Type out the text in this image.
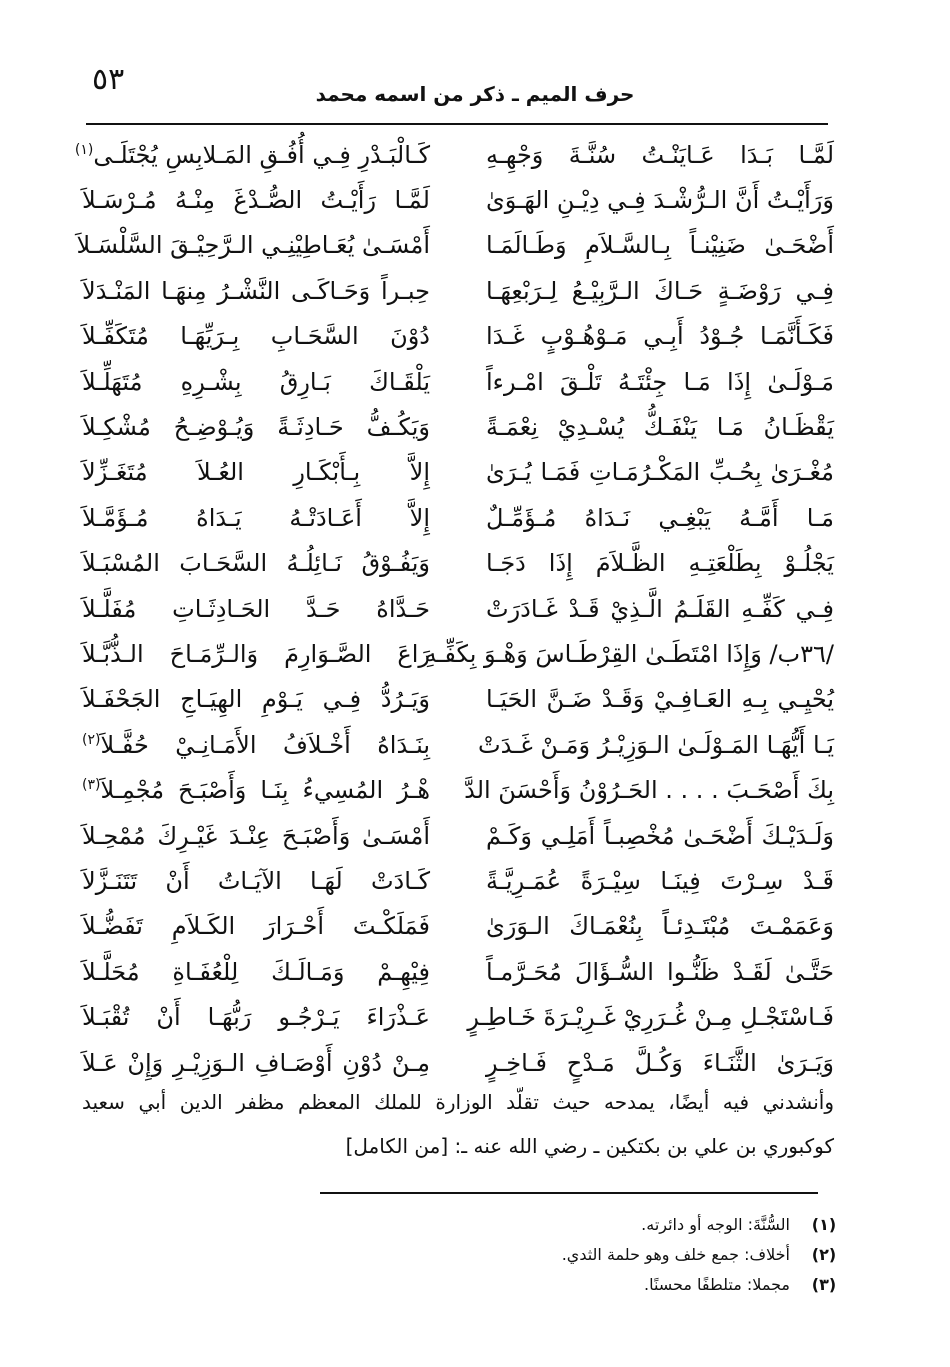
٥٣	حرف الميم ـ ذكر من اسمه محمد
لَمَّـا بَـدَا عَـايَنْـتُ سُنَّـةَ وَجْهِـهِ
كَـالْبَـدْرِ فِـي أُفُـقِ المَـلابِسِ يُجْتَلَـى$^{(١)}$
وَرَأَيْـتُ أَنَّ الـرُّشْـدَ فِـي دِيْـنِ الهَـوَىٰ
لَمَّـا رَأَيْـتُ الصُّـدْغَ مِنْـهُ مُـرْسَـلاَ
أَضْحَـىٰ ضَنِيْنـاً بِـالسَّـلاَمِ وَطَـالَمَـا
أَمْسَـىٰ يُعَـاطِيْنِـي الـرَّحِيْـقَ السَّلْسَـلاَ
فِـي رَوْضَـةٍ حَـاكَ الـرَّبِيْـعُ لِـرَبْعِهَـا
حِبـراً وَحَـاكَـى النَّشْـرُ مِنهَـا المَنْـدَلاَ
فَكَـأَنَّمَـا جُـوْدُ أَبِـي مَـوْهُـوْبٍ غَـدَا
دُوْنَ السَّحَـابِ بِـرَيِّهَـا مُتَكَفِّـلاَ
مَـوْلَـىٰ إِذَا مَـا جِئْتَـهُ تَلْـقَ امْـرءاً
يَلْقَـاكَ بَـارِقُ بِشْـرِهِ مُتَهَلِّـلاَ
يَقْظَـانُ مَـا يَنْفَـكُّ يُسْـدِيْ نِعْمَـةً
وَيَكُـفُّ حَـادِثَـةً وَيُـوْضِـحُ مُشْكِـلاَ
مُغْـرَىٰ بِحُـبِّ المَكْـرُمَـاتِ فَمَـا يُـرَىٰ
إِلاَّ بِـأَبْكَـارِ العُـلاَ مُتَغَـزِّلاَ
مَـا أَمَّـهُ يَبْغِـي نَـدَاهُ مُـؤَمِّـلٌ
إِلاَّ أَعَـادَتْـهُ يَـدَاهُ مُـؤَمَّـلاَ
يَجْلُـوْ بِطَلْعَتِـهِ الظَّـلاَمَ إِذَا دَجَـا
وَيَفُـوْقُ نَـائِلُـهُ السَّحَـابَ المُسْبَـلاَ
فِـي كَفِّـهِ القَلَـمُ الَّـذِيْ قَـدْ غَـادَرَتْ
حَـدَّاهُ حَـدَّ الحَـادِثَـاتِ مُفَلَّـلاَ
/٣٦ب/ وَإِذَا امْتَطَـىٰ القِرْطَـاسَ وَهْـوَ بِكَفِّـهِ
رَاعَ الصَّـوَارِمَ وَالـرِّمَـاحَ الـذُّبَّـلاَ
يُحْيِـي بِـهِ العَـافِـيْ وَقَـدْ ضَـنَّ الحَيَـا
وَيَـرُدُّ فِـي يَـوْمِ الهِيَـاجِ الجَحْفَـلاَ
يَـا أَيُّهَـا المَـوْلَـىٰ الـوَزِيْـرُ وَمَـنْ غَـدَتْ
بِنَـدَاهُ أَخْـلاَفُ الأَمَـانِـيْ حُفَّـلاَ$^{(٢)}$
بِكَ أَصْحَـبَ . . . . الحَـرُوْنُ وَأَحْسَنَ الدَّ
هْـرُ المُسِيءُ بِنَـا وَأَصْبَـحَ مُجْمِـلاَ$^{(٣)}$
وَلَـدَيْـكَ أَضْحَـىٰ مُخْصِبـاً أَمَلِـي وَكَـمْ
أَمْسَـىٰ وَأَصْبَـحَ عِنْـدَ غَيْـرِكَ مُمْحِـلاَ
قَـدْ سِـرْتَ فِينَـا سِيْـرَةً عُمَـرِيَّـةً
كَـادَتْ لَهَـا الآيَـاتُ أَنْ تَتَنَـزَّلاَ
وَعَمَمْـتَ مُبْتَـدِئـاً بِنُعْمَـاكَ الـوَرَىٰ
فَمَلَكْـتَ أَحْـرَارَ الكَـلاَمِ تَفَضُّـلاَ
حَتَّـىٰ لَقَـدْ ظَنُّـوا السُّـؤَالَ مُحَـرَّمـاً
فِيْهِـمْ وَمَـالَـكَ لِلْعُفَـاةِ مُحَلَّـلاَ
فَـاسْتَجْـلِ مِـنْ غُـرَرِيْ غَـرِيْـرَةَ خَـاطِـرٍ
عَـذْرَاءَ يَـرْجُـو رَبُّهَـا أَنْ تُقْبَـلاَ
وَيَـرَىٰ الثَّنَـاءَ وَكُـلَّ مَـدْحٍ فَـاخِـرٍ
مِـنْ دُوْنِ أَوْصَـافِ الـوَزِيْـرِ وَإِنْ عَـلاَ
وأنشدني فيه أيضًا، يمدحه حيث تقلّد الوزارة للملك المعظم مظفر الدين أبي سعيد
كوكبوري بن علي بن بكتكين ـ رضي الله عنه ـ: [من الكامل]
(١)
السُّنَّةَ: الوجه أو دائرته.
(٢)
أخلاف: جمع خلف وهو حلمة الثدي.
(٣)
مجملا: متلطفًا محسنًا.
